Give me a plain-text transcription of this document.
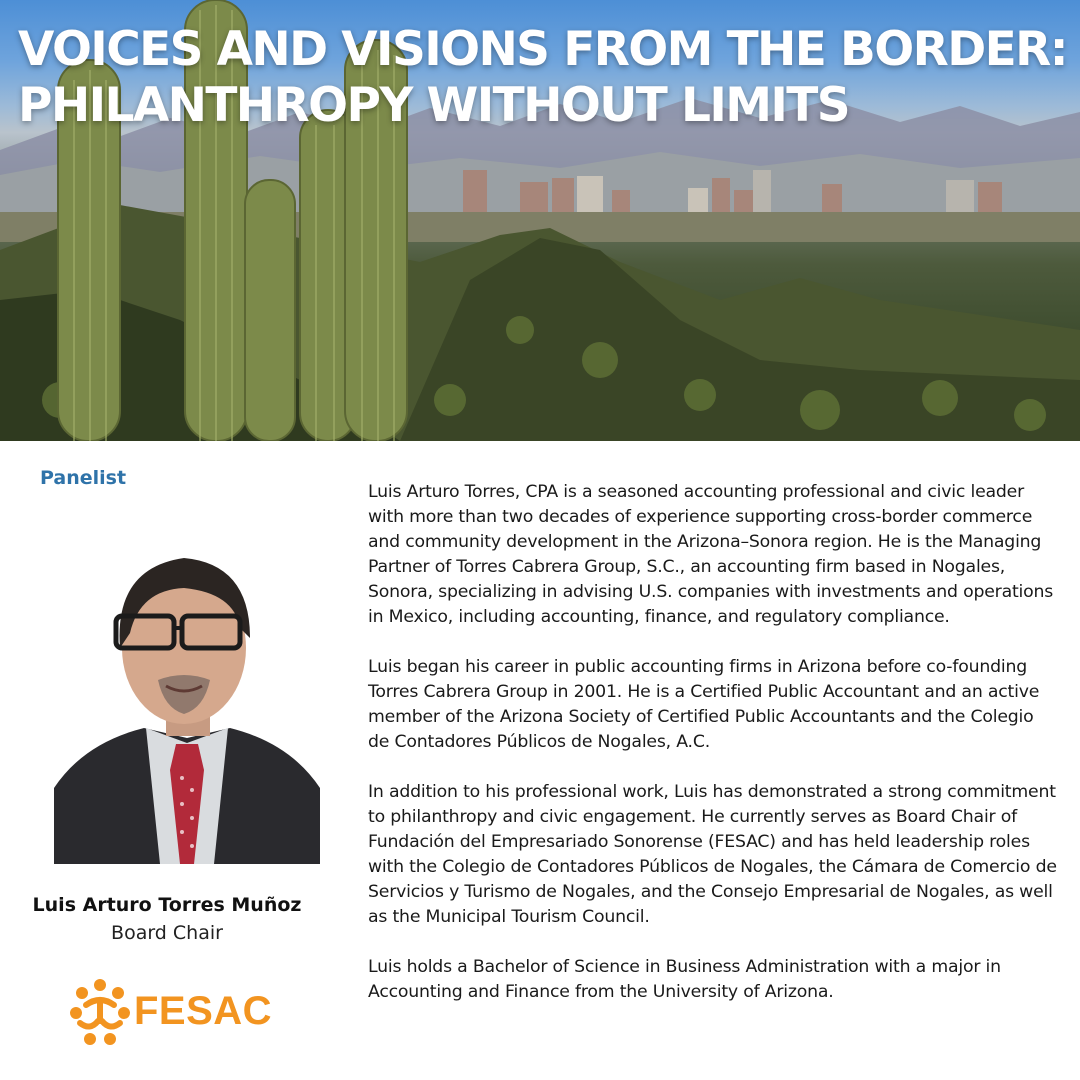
VOICES AND VISIONS FROM THE BORDER:
PHILANTHROPY WITHOUT LIMITS
Panelist
Luis Arturo Torres Muñoz
Board Chair
FESAC

Luis Arturo Torres, CPA is a seasoned accounting professional and civic leader with more than two decades of experience supporting cross-border commerce and community development in the Arizona–Sonora region. He is the Managing Partner of Torres Cabrera Group, S.C., an accounting firm based in Nogales, Sonora, specializing in advising U.S. companies with investments and operations in Mexico, including accounting, finance, and regulatory compliance.

Luis began his career in public accounting firms in Arizona before co-founding Torres Cabrera Group in 2001. He is a Certified Public Accountant and an active member of the Arizona Society of Certified Public Accountants and the Colegio de Contadores Públicos de Nogales, A.C.

In addition to his professional work, Luis has demonstrated a strong commitment to philanthropy and civic engagement. He currently serves as Board Chair of Fundación del Empresariado Sonorense (FESAC) and has held leadership roles with the Colegio de Contadores Públicos de Nogales, the Cámara de Comercio de Servicios y Turismo de Nogales, and the Consejo Empresarial de Nogales, as well as the Municipal Tourism Council.

Luis holds a Bachelor of Science in Business Administration with a major in Accounting and Finance from the University of Arizona.
